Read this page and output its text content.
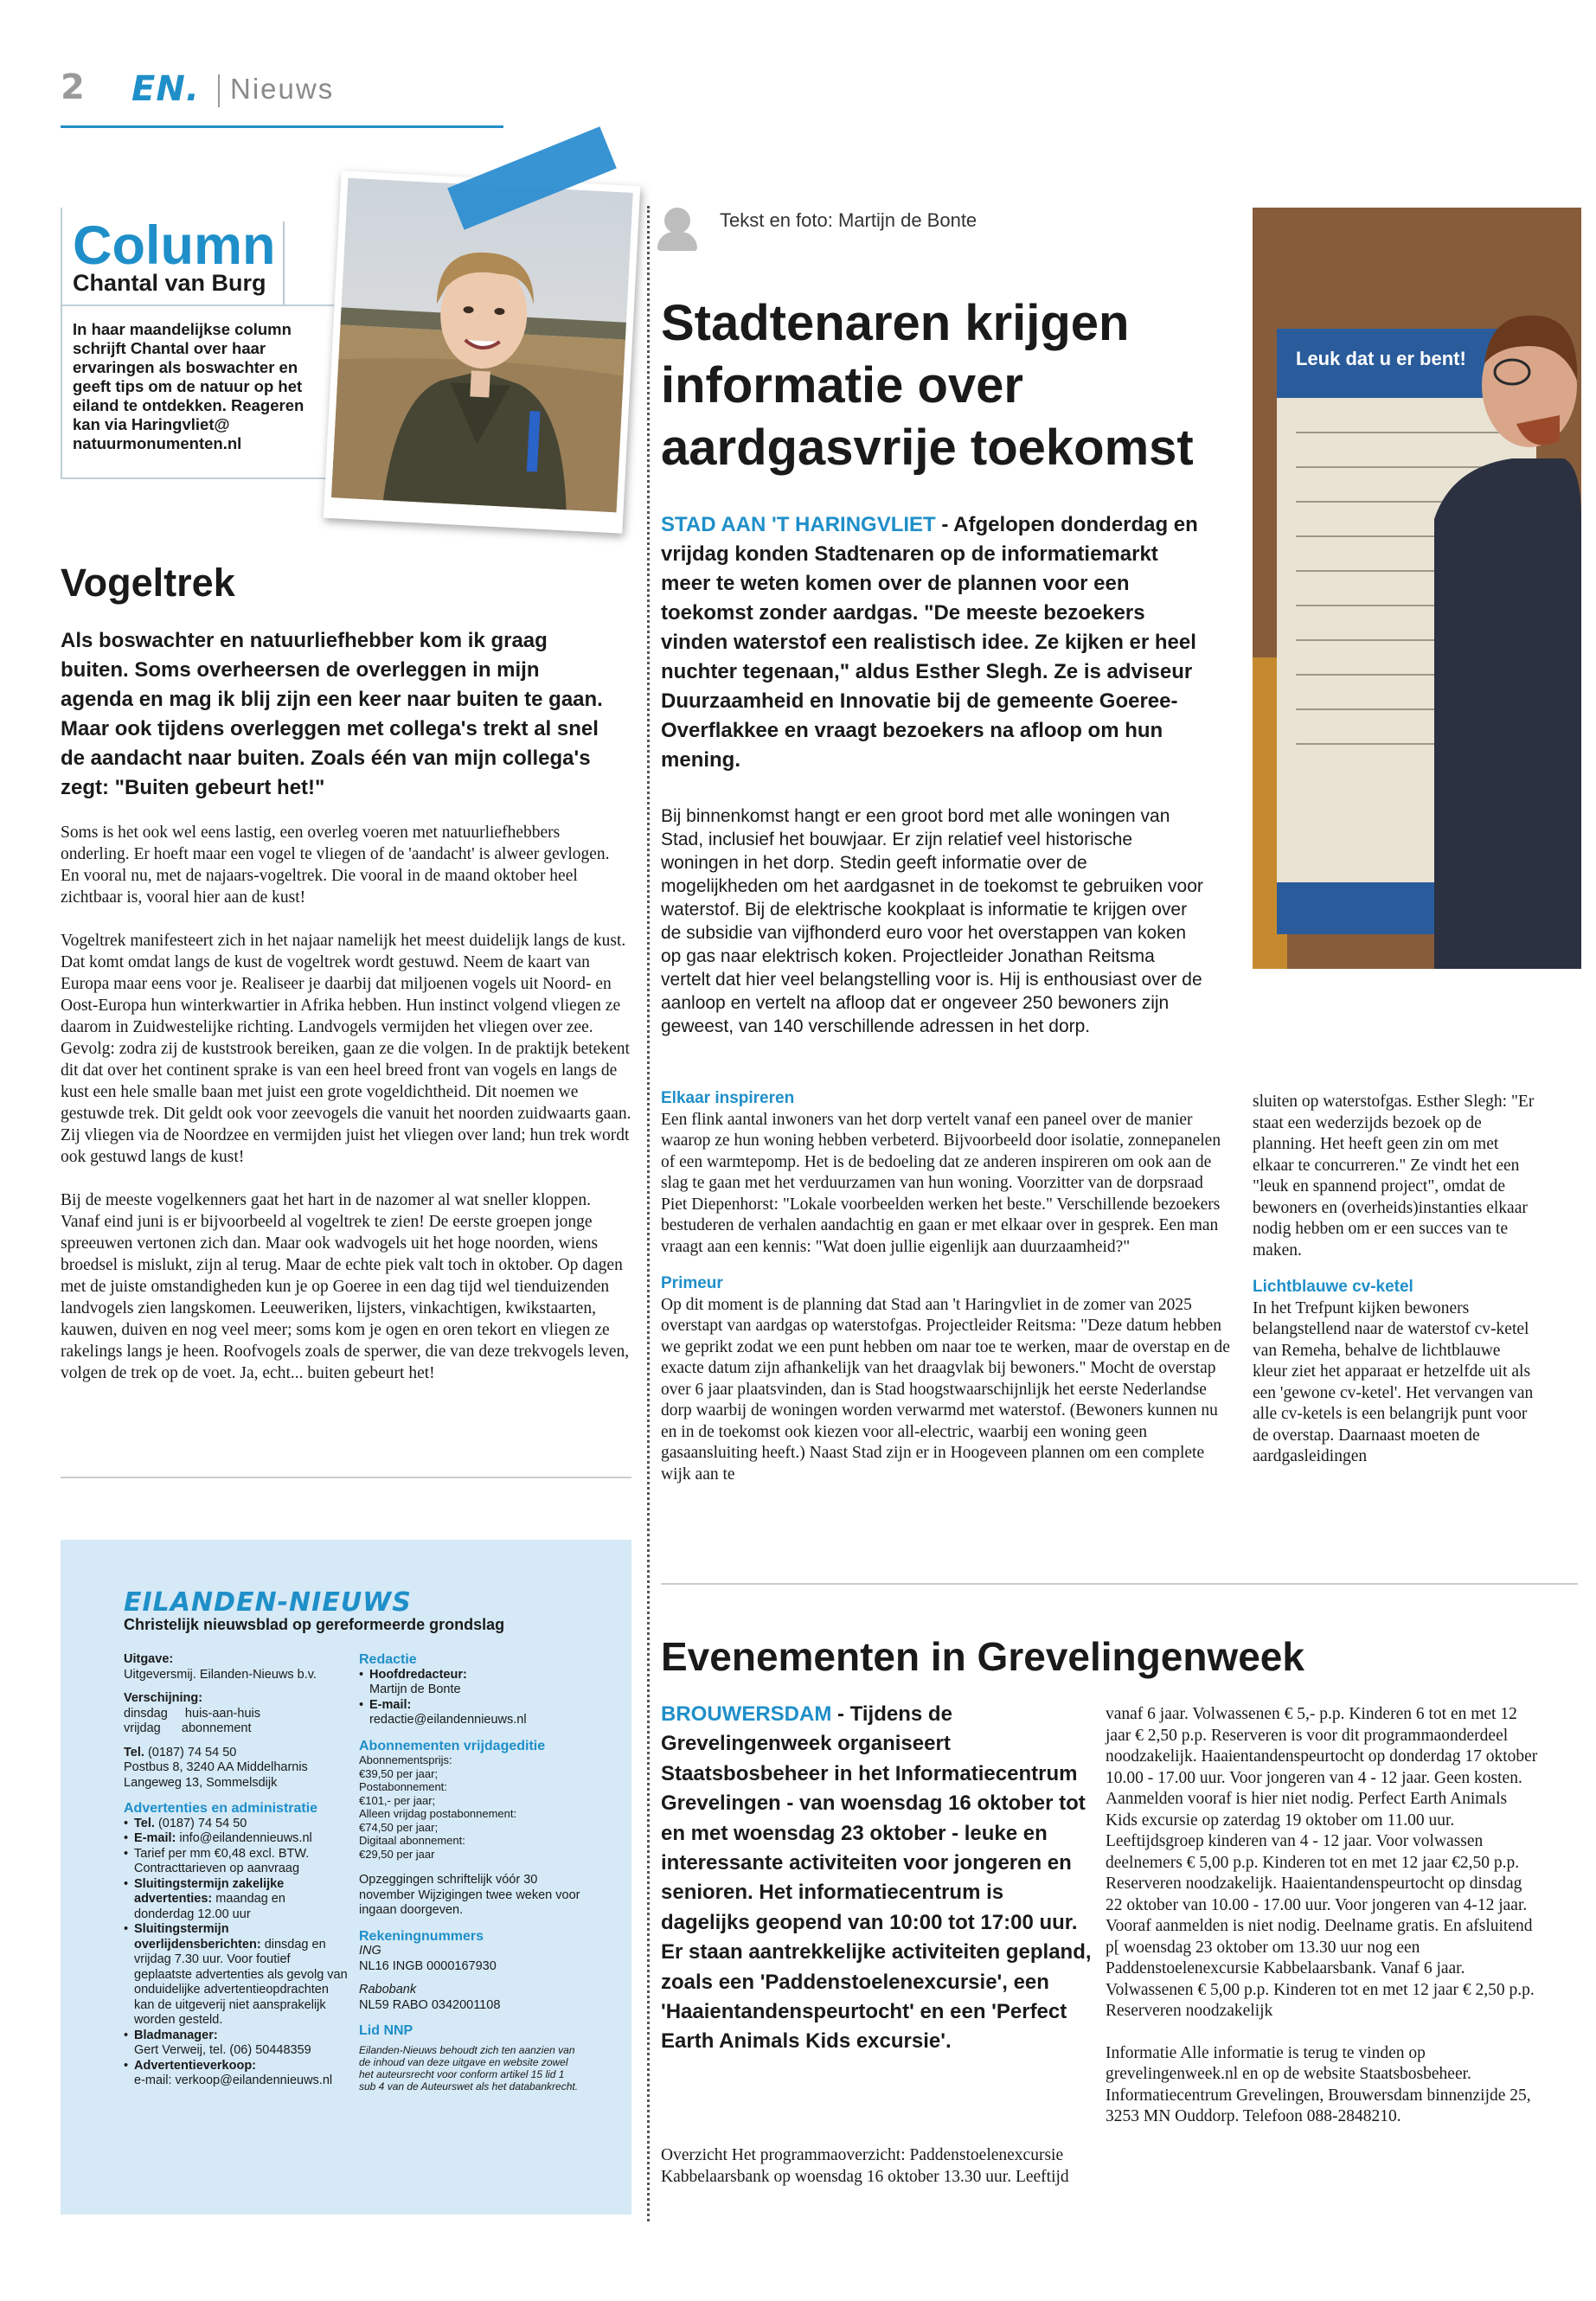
2 EN. Nieuws
Column
Chantal van Burg
In haar maandelijkse column schrijft Chantal over haar ervaringen als boswachter en geeft tips om de natuur op het eiland te ontdekken. Reageren kan via Haringvliet@ natuurmonumenten.nl
Vogeltrek
Als boswachter en natuurliefhebber kom ik graag buiten. Soms overheersen de overleggen in mijn agenda en mag ik blij zijn een keer naar buiten te gaan. Maar ook tijdens overleggen met collega's trekt al snel de aandacht naar buiten. Zoals één van mijn collega's zegt: "Buiten gebeurt het!"

Soms is het ook wel eens lastig, een overleg voeren met natuurliefhebbers onderling. Er hoeft maar een vogel te vliegen of de 'aandacht' is alweer gevlogen. En vooral nu, met de najaars-vogeltrek. Die vooral in de maand oktober heel zichtbaar is, vooral hier aan de kust!

Vogeltrek manifesteert zich in het najaar namelijk het meest duidelijk langs de kust. Dat komt omdat langs de kust de vogeltrek wordt gestuwd. Neem de kaart van Europa maar eens voor je. Realiseer je daarbij dat miljoenen vogels uit Noord- en Oost-Europa hun winterkwartier in Afrika hebben. Hun instinct volgend vliegen ze daarom in Zuidwestelijke richting. Landvogels vermijden het vliegen over zee. Gevolg: zodra zij de kuststrook bereiken, gaan ze die volgen. In de praktijk betekent dit dat over het continent sprake is van een heel breed front van vogels en langs de kust een hele smalle baan met juist een grote vogeldichtheid. Dit noemen we gestuwde trek. Dit geldt ook voor zeevogels die vanuit het noorden zuidwaarts gaan. Zij vliegen via de Noordzee en vermijden juist het vliegen over land; hun trek wordt ook gestuwd langs de kust!

Bij de meeste vogelkenners gaat het hart in de nazomer al wat sneller kloppen. Vanaf eind juni is er bijvoorbeeld al vogeltrek te zien! De eerste groepen jonge spreeuwen vertonen zich dan. Maar ook wadvogels uit het hoge noorden, wiens broedsel is mislukt, zijn al terug. Maar de echte piek valt toch in oktober. Op dagen met de juiste omstandigheden kun je op Goeree in een dag tijd wel tienduizenden landvogels zien langskomen. Leeuweriken, lijsters, vinkachtigen, kwikstaarten, kauwen, duiven en nog veel meer; soms kom je ogen en oren tekort en vliegen ze rakelings langs je heen. Roofvogels zoals de sperwer, die van deze trekvogels leven, volgen de trek op de voet. Ja, echt... buiten gebeurt het!

EILANDEN-NIEUWS
Christelijk nieuwsblad op gereformeerde grondslag
Uitgave:
Uitgeversmij. Eilanden-Nieuws b.v.
Verschijning:
dinsdag     huis-aan-huis
vrijdag      abonnement
Tel. (0187) 74 54 50
Postbus 8, 3240 AA Middelharnis
Langeweg 13, Sommelsdijk
Advertenties en administratie
• Tel. (0187) 74 54 50
• E-mail: info@eilandennieuws.nl
• Tarief per mm €0,48 excl. BTW. Contracttarieven op aanvraag
• Sluitingstermijn zakelijke advertenties: maandag en donderdag 12.00 uur
• Sluitingstermijn overlijdensberichten: dinsdag en vrijdag 7.30 uur. Voor foutief geplaatste advertenties als gevolg van onduidelijke advertentieopdrachten kan de uitgeverij niet aansprakelijk worden gesteld.
• Bladmanager:
Gert Verweij, tel. (06) 50448359
• Advertentieverkoop:
e-mail: verkoop@eilandennieuws.nl
Redactie
• Hoofdredacteur:
Martijn de Bonte
• E-mail:
redactie@eilandennieuws.nl
Abonnementen vrijdageditie
Abonnementsprijs:
€39,50 per jaar;
Postabonnement:
€101,- per jaar;
Alleen vrijdag postabonnement:
€74,50 per jaar;
Digitaal abonnement:
€29,50 per jaar
Opzeggingen schriftelijk vóór 30 november Wijzigingen twee weken voor ingaan doorgeven.
Rekeningnummers
ING
NL16 INGB 0000167930
Rabobank
NL59 RABO 0342001108
Lid NNP
Eilanden-Nieuws behoudt zich ten aanzien van de inhoud van deze uitgave en website zowel het auteursrecht voor conform artikel 15 lid 1 sub 4 van de Auteurswet als het databankrecht.
Tekst en foto: Martijn de Bonte
Stadtenaren krijgen informatie over aardgasvrije toekomst
STAD AAN 'T HARINGVLIET - Afgelopen donderdag en vrijdag konden Stadtenaren op de informatiemarkt meer te weten komen over de plannen voor een toekomst zonder aardgas. "De meeste bezoekers vinden waterstof een realistisch idee. Ze kijken er heel nuchter tegenaan," aldus Esther Slegh. Ze is adviseur Duurzaamheid en Innovatie bij de gemeente Goeree-Overflakkee en vraagt bezoekers na afloop om hun mening.
Bij binnenkomst hangt er een groot bord met alle woningen van Stad, inclusief het bouwjaar. Er zijn relatief veel historische woningen in het dorp. Stedin geeft informatie over de mogelijkheden om het aardgasnet in de toekomst te gebruiken voor waterstof. Bij de elektrische kookplaat is informatie te krijgen over de subsidie van vijfhonderd euro voor het overstappen van koken op gas naar elektrisch koken. Projectleider Jonathan Reitsma vertelt dat hier veel belangstelling voor is. Hij is enthousiast over de aanloop en vertelt na afloop dat er ongeveer 250 bewoners zijn geweest, van 140 verschillende adressen in het dorp.
Leuk dat u er bent!
Elkaar inspireren

Een flink aantal inwoners van het dorp vertelt vanaf een paneel over de manier waarop ze hun woning hebben verbeterd. Bijvoorbeeld door isolatie, zonnepanelen of een warmtepomp. Het is de bedoeling dat ze anderen inspireren om ook aan de slag te gaan met het verduurzamen van hun woning. Voorzitter van de dorpsraad Piet Diepenhorst: "Lokale voorbeelden werken het beste." Verschillende bezoekers bestuderen de verhalen aandachtig en gaan er met elkaar over in gesprek. Een man vraagt aan een kennis: "Wat doen jullie eigenlijk aan duurzaamheid?"

Primeur

Op dit moment is de planning dat Stad aan 't Haringvliet in de zomer van 2025 overstapt van aardgas op waterstofgas. Projectleider Reitsma: "Deze datum hebben we geprikt zodat we een punt hebben om naar toe te werken, maar de overstap en de exacte datum zijn afhankelijk van het draagvlak bij bewoners." Mocht de overstap over 6 jaar plaatsvinden, dan is Stad hoogstwaarschijnlijk het eerste Nederlandse dorp waarbij de woningen worden verwarmd met waterstof. (Bewoners kunnen nu en in de toekomst ook kiezen voor all-electric, waarbij een woning geen gasaansluiting heeft.) Naast Stad zijn er in Hoogeveen plannen om een complete wijk aan te

sluiten op waterstofgas. Esther Slegh: "Er staat een wederzijds bezoek op de planning. Het heeft geen zin om met elkaar te concurreren." Ze vindt het een "leuk en spannend project", omdat de bewoners en (overheids)instanties elkaar nodig hebben om er een succes van te maken.

Lichtblauwe cv-ketel

In het Trefpunt kijken bewoners belangstellend naar de waterstof cv-ketel van Remeha, behalve de lichtblauwe kleur ziet het apparaat er hetzelfde uit als een 'gewone cv-ketel'. Het vervangen van alle cv-ketels is een belangrijk punt voor de overstap. Daarnaast moeten de aardgasleidingen

Evenementen in Grevelingenweek
BROUWERSDAM - Tijdens de Grevelingenweek organiseert Staatsbosbeheer in het Informatiecentrum Grevelingen - van woensdag 16 oktober tot en met woensdag 23 oktober - leuke en interessante activiteiten voor jongeren en senioren. Het informatiecentrum is dagelijks geopend van 10:00 tot 17:00 uur. Er staan aantrekkelijke activiteiten gepland, zoals een 'Paddenstoelenexcursie', een 'Haaientandenspeurtocht' en een 'Perfect Earth Animals Kids excursie'.
Overzicht Het programmaoverzicht: Paddenstoelenexcursie Kabbelaarsbank op woensdag 16 oktober 13.30 uur. Leeftijd

vanaf 6 jaar. Volwassenen € 5,- p.p. Kinderen 6 tot en met 12 jaar € 2,50 p.p. Reserveren is voor dit programmaonderdeel noodzakelijk. Haaientandenspeurtocht op donderdag 17 oktober 10.00 - 17.00 uur. Voor jongeren van 4 - 12 jaar. Geen kosten. Aanmelden vooraf is hier niet nodig. Perfect Earth Animals Kids excursie op zaterdag 19 oktober om 11.00 uur. Leeftijdsgroep kinderen van 4 - 12 jaar. Voor volwassen deelnemers € 5,00 p.p. Kinderen tot en met 12 jaar €2,50 p.p. Reserveren noodzakelijk. Haaientandenspeurtocht op dinsdag 22 oktober van 10.00 - 17.00 uur. Voor jongeren van 4-12 jaar. Vooraf aanmelden is niet nodig. Deelname gratis. En afsluitend p[ woensdag 23 oktober om 13.30 uur nog een Paddenstoelenexcursie Kabbelaarsbank. Vanaf 6 jaar. Volwassenen € 5,00 p.p. Kinderen tot en met 12 jaar € 2,50 p.p. Reserveren noodzakelijk

Informatie Alle informatie is terug te vinden op grevelingenweek.nl en op de website Staatsbosbeheer. Informatiecentrum Grevelingen, Brouwersdam binnenzijde 25, 3253 MN Ouddorp. Telefoon 088-2848210.
